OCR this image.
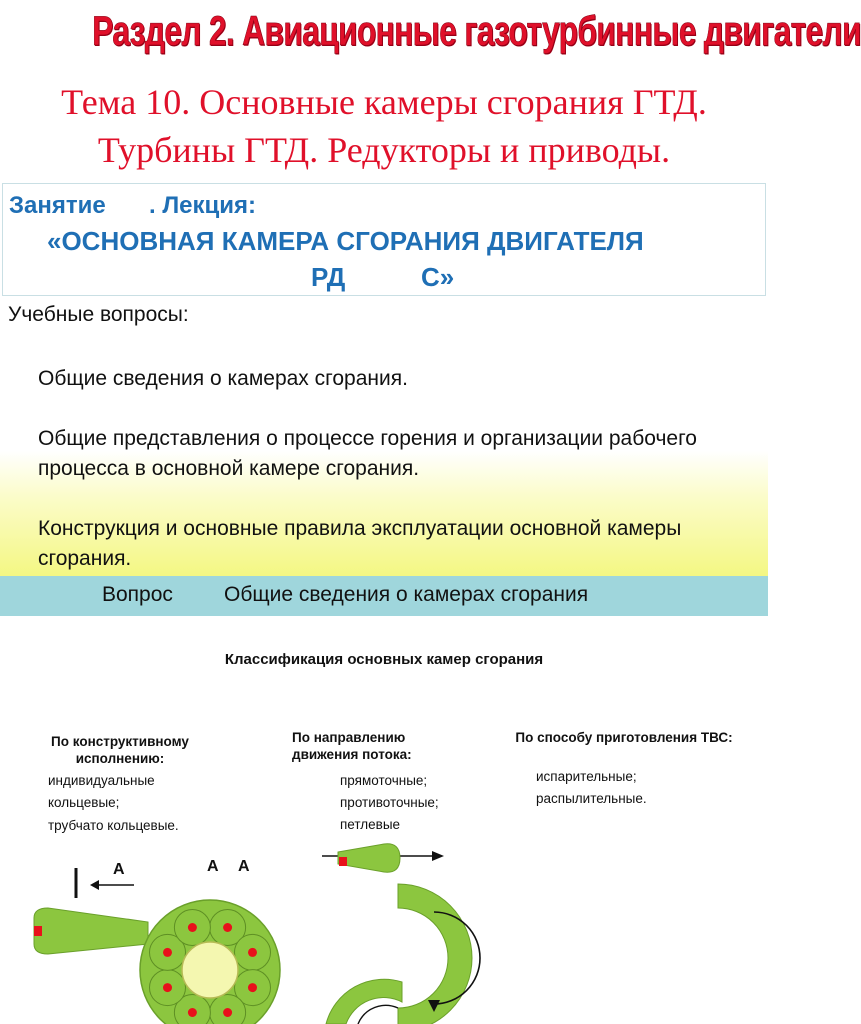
Раздел 2. Авиационные газотурбинные двигатели
Тема 10. Основные камеры сгорания ГТД.
Турбины ГТД. Редукторы и приводы.
Занятие . Лекция:
«ОСНОВНАЯ КАМЕРА СГОРАНИЯ ДВИГАТЕЛЯ
РД	С»
Учебные вопросы:
Общие сведения о камерах сгорания.
Общие представления о процессе горения и организации рабочего процесса в основной камере сгорания.
Конструкция и основные правила эксплуатации основной камеры сгорания.
Вопрос Общие сведения о камерах сгорания
Классификация основных камер сгорания
По конструктивному исполнению:
индивидуальные
кольцевые;
трубчато кольцевые.
По направлению движения потока:
прямоточные;
противоточные;
петлевые
По способу приготовления ТВС:
испарительные;
распылительные.
А	А А
